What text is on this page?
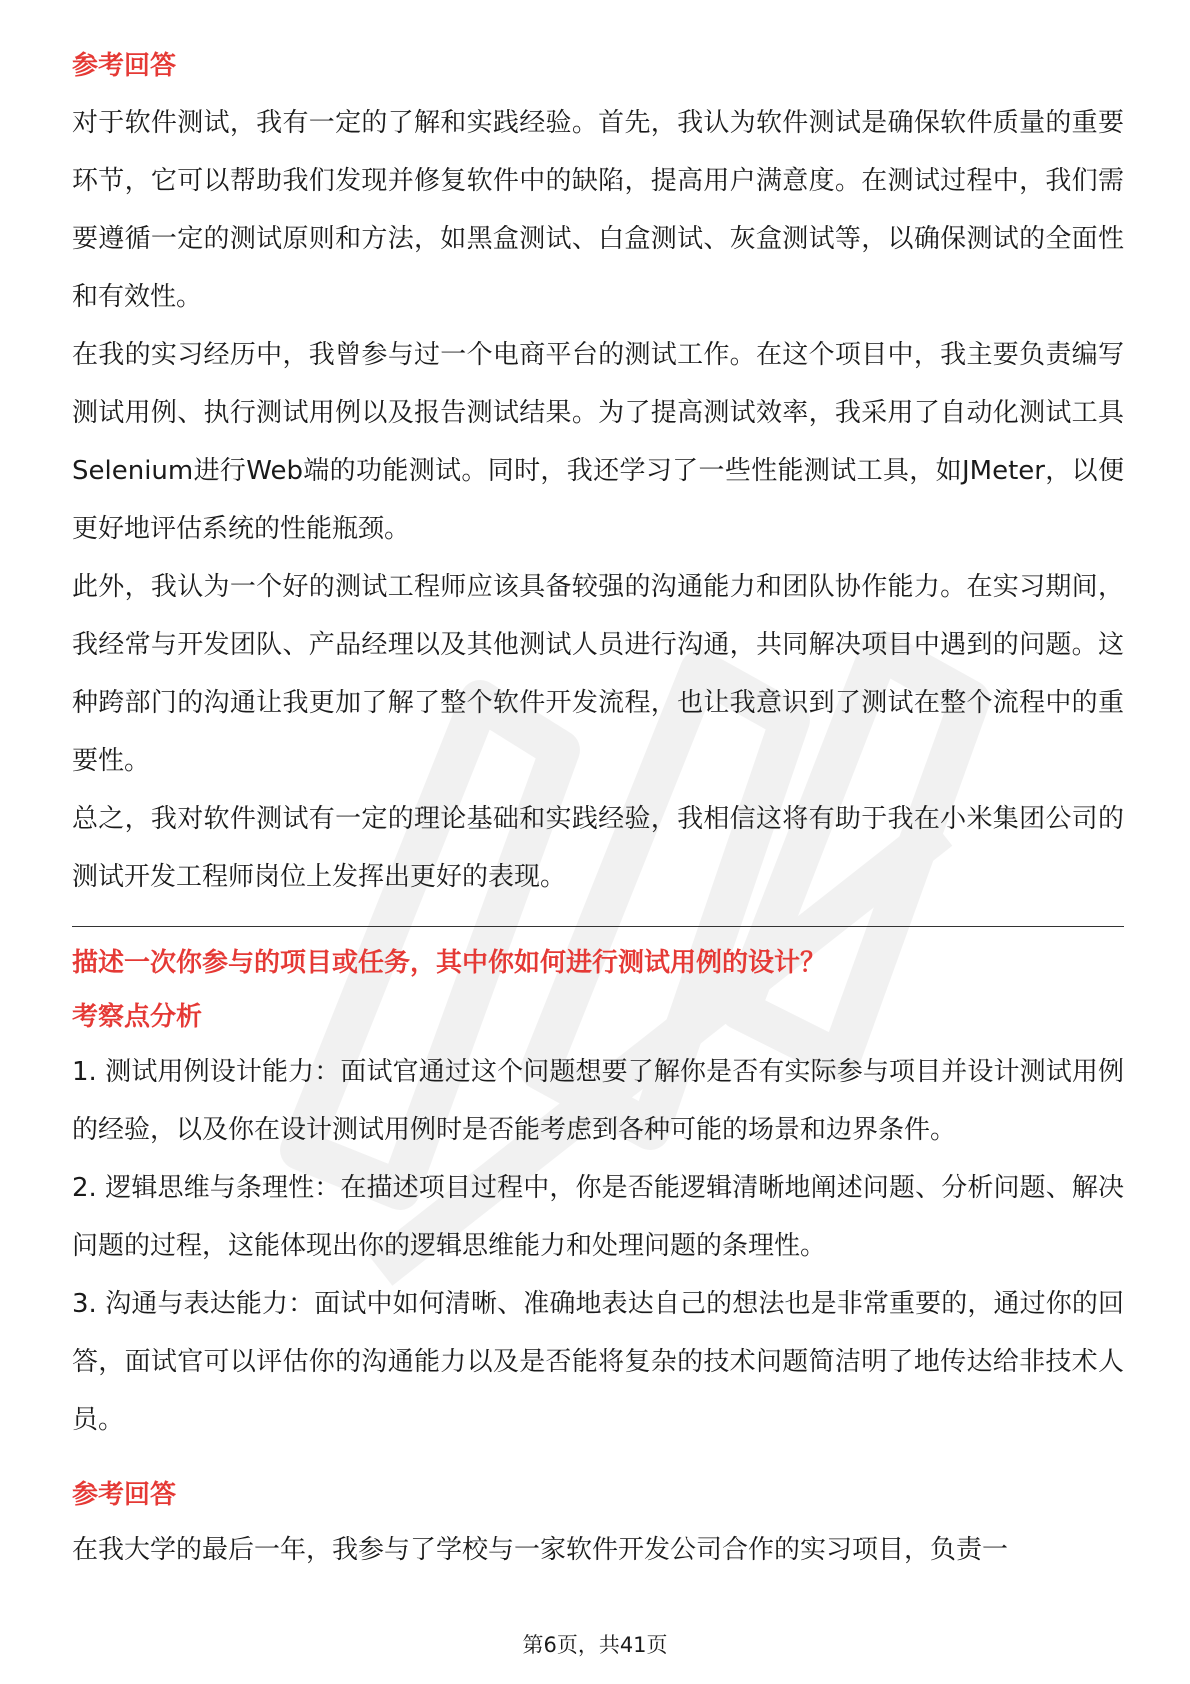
参考回答

对于软件测试，我有一定的了解和实践经验。首先，我认为软件测试是确保软件质量的重要环节，它可以帮助我们发现并修复软件中的缺陷，提高用户满意度。在测试过程中，我们需要遵循一定的测试原则和方法，如黑盒测试、白盒测试、灰盒测试等，以确保测试的全面性和有效性。

在我的实习经历中，我曾参与过一个电商平台的测试工作。在这个项目中，我主要负责编写测试用例、执行测试用例以及报告测试结果。为了提高测试效率，我采用了自动化测试工具Selenium进行Web端的功能测试。同时，我还学习了一些性能测试工具，如JMeter，以便更好地评估系统的性能瓶颈。

此外，我认为一个好的测试工程师应该具备较强的沟通能力和团队协作能力。在实习期间，我经常与开发团队、产品经理以及其他测试人员进行沟通，共同解决项目中遇到的问题。这种跨部门的沟通让我更加了解了整个软件开发流程，也让我意识到了测试在整个流程中的重要性。

总之，我对软件测试有一定的理论基础和实践经验，我相信这将有助于我在小米集团公司的测试开发工程师岗位上发挥出更好的表现。

描述一次你参与的项目或任务，其中你如何进行测试用例的设计？
考察点分析

1. 测试用例设计能力：面试官通过这个问题想要了解你是否有实际参与项目并设计测试用例的经验，以及你在设计测试用例时是否能考虑到各种可能的场景和边界条件。

2. 逻辑思维与条理性：在描述项目过程中，你是否能逻辑清晰地阐述问题、分析问题、解决问题的过程，这能体现出你的逻辑思维能力和处理问题的条理性。

3. 沟通与表达能力：面试中如何清晰、准确地表达自己的想法也是非常重要的，通过你的回答，面试官可以评估你的沟通能力以及是否能将复杂的技术问题简洁明了地传达给非技术人员。

参考回答

在我大学的最后一年，我参与了学校与一家软件开发公司合作的实习项目，负责一

第6页，共41页
